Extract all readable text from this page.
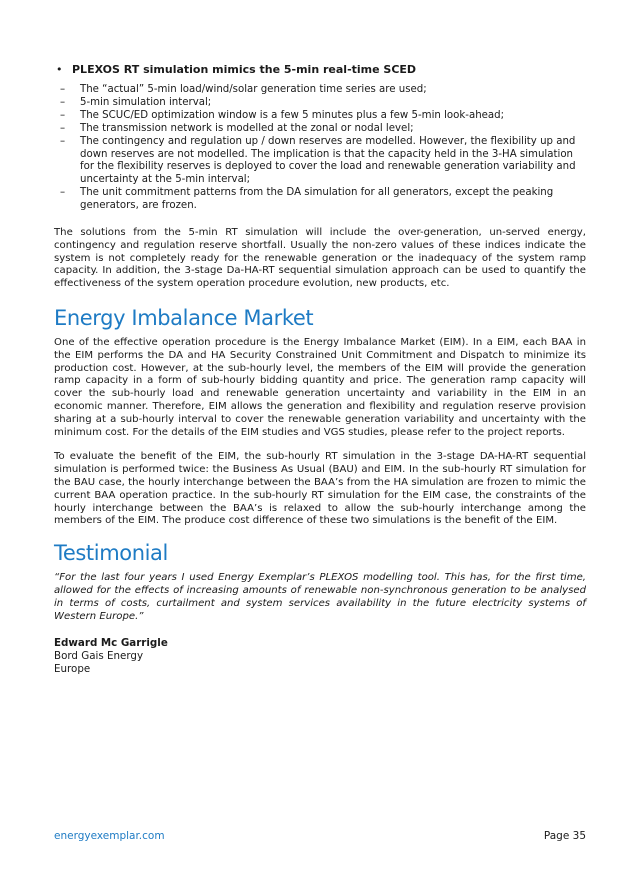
• PLEXOS RT simulation mimics the 5-min real-time SCED
– The “actual” 5-min load/wind/solar generation time series are used;
– 5-min simulation interval;
– The SCUC/ED optimization window is a few 5 minutes plus a few 5-min look-ahead;
– The transmission network is modelled at the zonal or nodal level;
– The contingency and regulation up / down reserves are modelled. However, the flexibility up and down reserves are not modelled. The implication is that the capacity held in the 3-HA simulation for the flexibility reserves is deployed to cover the load and renewable generation variability and uncertainty at the 5-min interval;
– The unit commitment patterns from the DA simulation for all generators, except the peaking generators, are frozen.

The solutions from the 5-min RT simulation will include the over-generation, un-served energy, contingency and regulation reserve shortfall. Usually the non-zero values of these indices indicate the system is not completely ready for the renewable generation or the inadequacy of the system ramp capacity. In addition, the 3-stage Da-HA-RT sequential simulation approach can be used to quantify the effectiveness of the system operation procedure evolution, new products, etc.

Energy Imbalance Market

One of the effective operation procedure is the Energy Imbalance Market (EIM). In a EIM, each BAA in the EIM performs the DA and HA Security Constrained Unit Commitment and Dispatch to minimize its production cost. However, at the sub-hourly level, the members of the EIM will provide the generation ramp capacity in a form of sub-hourly bidding quantity and price. The generation ramp capacity will cover the sub-hourly load and renewable generation uncertainty and variability in the EIM in an economic manner. Therefore, EIM allows the generation and flexibility and regulation reserve provision sharing at a sub-hourly interval to cover the renewable generation variability and uncertainty with the minimum cost. For the details of the EIM studies and VGS studies, please refer to the project reports.

To evaluate the benefit of the EIM, the sub-hourly RT simulation in the 3-stage DA-HA-RT sequential simulation is performed twice: the Business As Usual (BAU) and EIM. In the sub-hourly RT simulation for the BAU case, the hourly interchange between the BAA’s from the HA simulation are frozen to mimic the current BAA operation practice. In the sub-hourly RT simulation for the EIM case, the constraints of the hourly interchange between the BAA’s is relaxed to allow the sub-hourly interchange among the members of the EIM. The produce cost difference of these two simulations is the benefit of the EIM.

Testimonial

“For the last four years I used Energy Exemplar’s PLEXOS modelling tool. This has, for the first time, allowed for the effects of increasing amounts of renewable non-synchronous generation to be analysed in terms of costs, curtailment and system services availability in the future electricity systems of Western Europe.”

Edward Mc Garrigle
Bord Gais Energy
Europe
energyexemplar.com	Page 35
